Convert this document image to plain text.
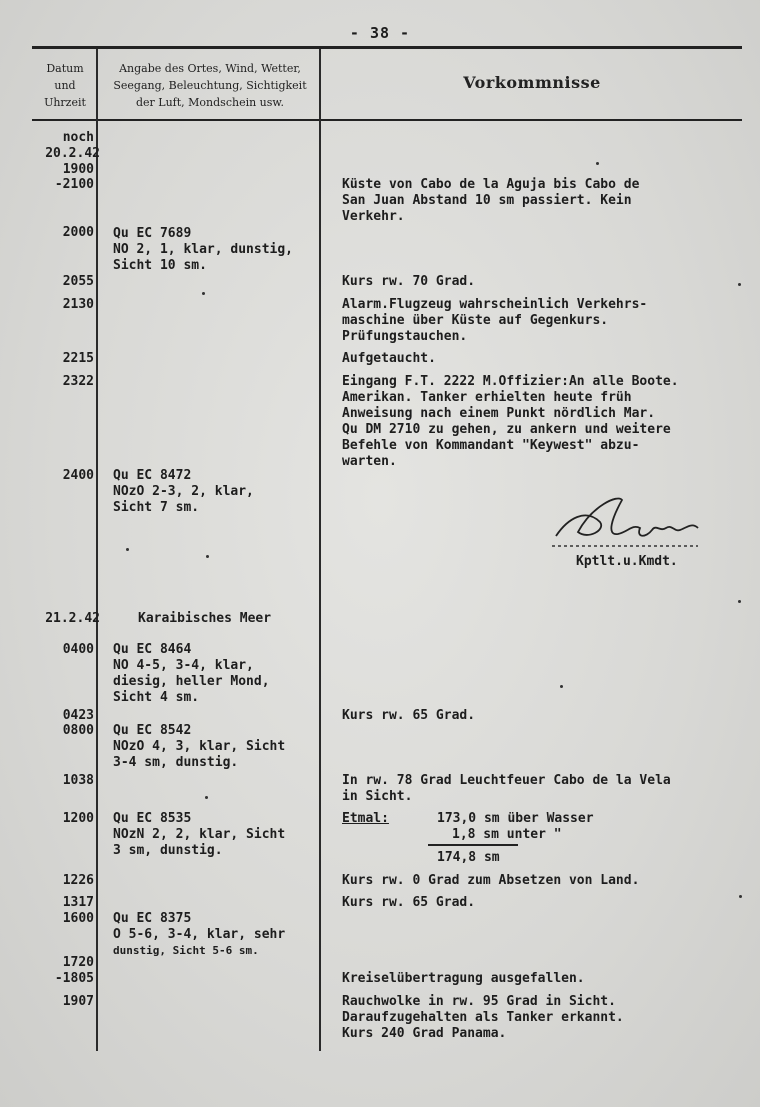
- 38 -
Datum
und
Uhrzeit
Angabe des Ortes, Wind, Wetter,
Seegang, Beleuchtung, Sichtigkeit
der Luft, Mondschein usw.
Vorkommnisse
noch
20.2.42
1900
-2100
2000
2055
2130
2215
2322
2400
21.2.42
0400
0423
0800
1038
1200
1226
1317
1600
1720
-1805
1907
Qu EC 7689
NO 2, 1, klar, dunstig,
Sicht 10 sm.
Qu EC 8472
NOzO 2-3, 2, klar,
Sicht 7 sm.
Karaibisches Meer
Qu EC 8464
NO 4-5, 3-4, klar,
diesig, heller Mond,
Sicht 4 sm.
Qu EC 8542
NOzO 4, 3, klar, Sicht
3-4 sm, dunstig.
Qu EC 8535
NOzN 2, 2, klar, Sicht
3 sm, dunstig.
Qu EC 8375
O 5-6, 3-4, klar, sehr
dunstig, Sicht 5-6 sm.
Küste von Cabo de la Aguja bis Cabo de
San Juan Abstand 10 sm passiert. Kein
Verkehr.
Kurs rw. 70 Grad.
Alarm.Flugzeug wahrscheinlich Verkehrs-
maschine über Küste auf Gegenkurs.
Prüfungstauchen.
Aufgetaucht.
Eingang F.T. 2222 M.Offizier:An alle Boote.
Amerikan. Tanker erhielten heute früh
Anweisung nach einem Punkt nördlich Mar.
Qu DM 2710 zu gehen, zu ankern und weitere
Befehle von Kommandant "Keywest" abzu-
warten.
Kptlt.u.Kmdt.
Kurs rw. 65 Grad.
In rw. 78 Grad Leuchtfeuer Cabo de la Vela
in Sicht.
Etmal:	173,0 sm über Wasser
1,8 sm unter "
174,8 sm
Kurs rw. 0 Grad zum Absetzen von Land.
Kurs rw. 65 Grad.
Kreiselübertragung ausgefallen.
Rauchwolke in rw. 95 Grad in Sicht.
Daraufzugehalten als Tanker erkannt.
Kurs 240 Grad Panama.
